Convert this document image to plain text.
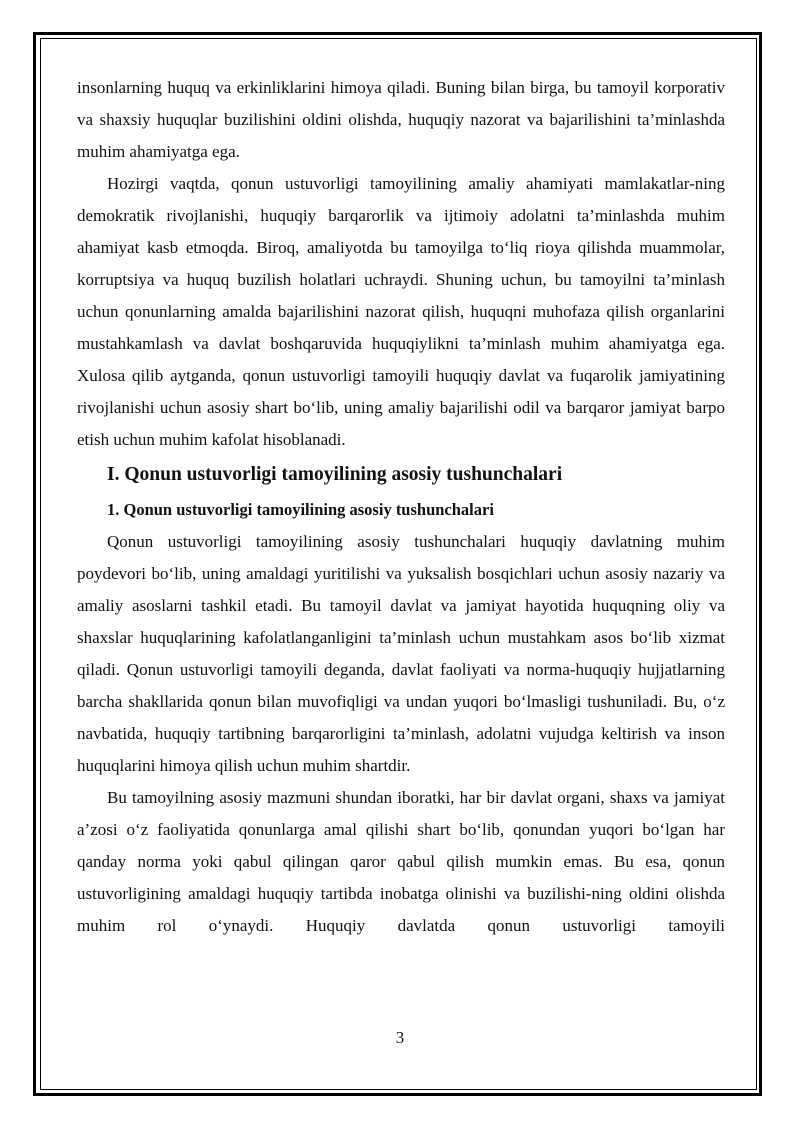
insonlarning huquq va erkinliklarini himoya qiladi. Buning bilan birga, bu tamoyil korporativ va shaxsiy huquqlar buzilishini oldini olishda, huquqiy nazorat va bajarilishini ta’minlashda muhim ahamiyatga ega.

Hozirgi vaqtda, qonun ustuvorligi tamoyilining amaliy ahamiyati mamlakatlar-ning demokratik rivojlanishi, huquqiy barqarorlik va ijtimoiy adolatni ta’minlashda muhim ahamiyat kasb etmoqda. Biroq, amaliyotda bu tamoyilga to‘liq rioya qilishda muammolar, korruptsiya va huquq buzilish holatlari uchraydi. Shuning uchun, bu tamoyilni ta’minlash uchun qonunlarning amalda bajarilishini nazorat qilish, huquqni muhofaza qilish organlarini mustahkamlash va davlat boshqaruvida huquqiylikni ta’minlash muhim ahamiyatga ega. Xulosa qilib aytganda, qonun ustuvorligi tamoyili huquqiy davlat va fuqarolik jamiyatining rivojlanishi uchun asosiy shart bo‘lib, uning amaliy bajarilishi odil va barqaror jamiyat barpo etish uchun muhim kafolat hisoblanadi.

I. Qonun ustuvorligi tamoyilining asosiy tushunchalari
1. Qonun ustuvorligi tamoyilining asosiy tushunchalari

Qonun ustuvorligi tamoyilining asosiy tushunchalari huquqiy davlatning muhim poydevori bo‘lib, uning amaldagi yuritilishi va yuksalish bosqichlari uchun asosiy nazariy va amaliy asoslarni tashkil etadi. Bu tamoyil davlat va jamiyat hayotida huquqning oliy va shaxslar huquqlarining kafolatlanganligini ta’minlash uchun mustahkam asos bo‘lib xizmat qiladi. Qonun ustuvorligi tamoyili deganda, davlat faoliyati va norma-huquqiy hujjatlarning barcha shakllarida qonun bilan muvofiqligi va undan yuqori bo‘lmasligi tushuniladi. Bu, o‘z navbatida, huquqiy tartibning barqarorligini ta’minlash, adolatni vujudga keltirish va inson huquqlarini himoya qilish uchun muhim shartdir.

Bu tamoyilning asosiy mazmuni shundan iboratki, har bir davlat organi, shaxs va jamiyat a’zosi o‘z faoliyatida qonunlarga amal qilishi shart bo‘lib, qonundan yuqori bo‘lgan har qanday norma yoki qabul qilingan qaror qabul qilish mumkin emas. Bu esa, qonun ustuvorligining amaldagi huquqiy tartibda inobatga olinishi va buzilishi-ning oldini olishda muhim rol o‘ynaydi. Huquqiy davlatda qonun ustuvorligi tamoyili

3
